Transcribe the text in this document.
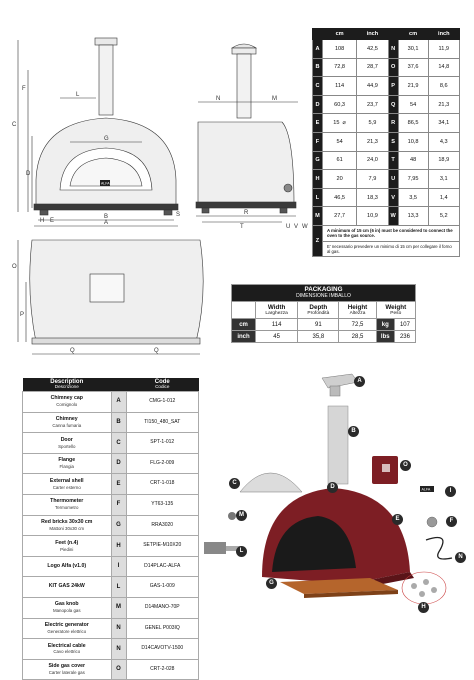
ALFA
C
F
D
L
G
B
A
S
H E
N	M
R
T	U V W
O
P
Q	Q
	cm	inch		cm	inch
A	108	42,5	N	30,1	11,9
B	72,8	28,7	O	37,6	14,8
C	114	44,9	P	21,9	8,6
D	60,3	23,7	Q	54	21,3
E	15 ⌀	5,9	R	86,5	34,1
F	54	21,3	S	10,8	4,3
G	61	24,0	T	48	18,9
H	20	7,9	U	7,95	3,1
L	46,5	18,3	V	3,5	1,4
M	27,7	10,9	W	13,3	5,2
Z	A minimum of 15 cm (6 in) must be considered to connect the oven to the gas source.				
	E' necessario prevedere un minimo di 15 cm per collegare il forno al gas.				
PACKAGING
DIMENSIONE IMBALLO					

	Width
Larghezza	Depth
Profondità	Height
Altezza	Weight
Peso	

cm	114	91	72,5	kg	107
inch	45	35,8	28,5	lbs	236
Description
Descrizione		Code
Codice

Chimney cap
Comignolo	A	CMG-1-012

Chimney
Canna fumaria	B	TI150_480_SAT

Door
Sportello	C	SPT-1-012

Flange
Flangia	D	FLG-2-009

External shell
Carter esterno	E	CRT-1-018

Thermometer
Termometro	F	YT63-135

Red bricks 30x30 cm
Mattoni 30x30 cm	G	RRA3020

Feet (n.4)
Piedini	H	SETPIE-M10X20

Logo Alfa (v1.0)	I	D14PLAC-ALFA

KIT GAS 24kW	L	GAS-1-009

Gas knob
Manopola gas	M	D14MANO-70P

Electric generator
Generatore elettrico	N	GENEL P003IQ

Electrical cable
Cavo elettrico	N	D14CAVOTV-1500

Side gas cover
Carter laterale gas	O	CRT-2-028
ALFA
A
B
C
D
E	F
G
H
I
L
M
N
O
